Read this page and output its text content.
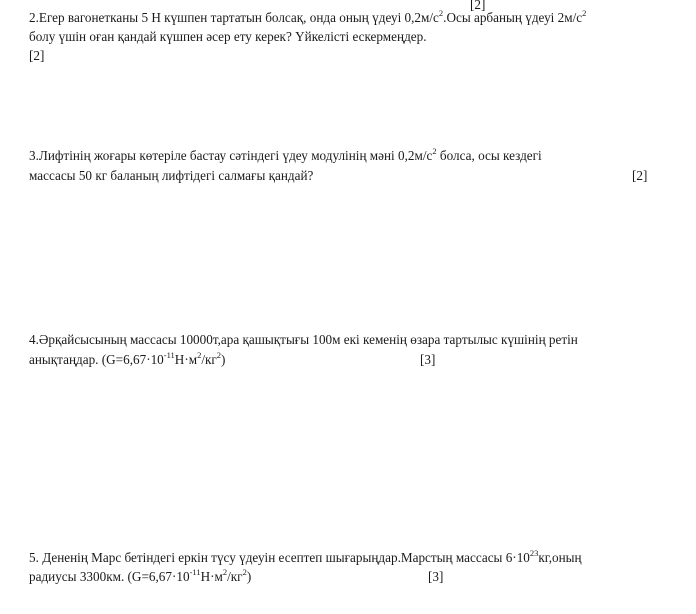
[2]
2.Егер вагонетканы 5 Н күшпен тартатын болсақ, онда оның үдеуі $0,2м/с^2.Осы$ арбаның үдеуі $2м/с^2$
болу үшін оған қандай күшпен әсер ету керек? Үйкелісті ескермеңдер.
[2]
3.Лифтінің жоғары көтеріле бастау сәтіндегі үдеу модулінің мәні $0,2м/с^2$ болса, осы кездегі
массасы 50 кг баланың лифтідегі салмағы қандай?	[2]
4.Әрқайсысының массасы 10000т,ара қашықтығы 100м екі кеменің өзара тартылыс күшінің ретін
анықтаңдар. $(G=6,67\cdot 10^{-11}Н\cdot м^2/кг^2)$	[3]
5. Дененің Марс бетіндегі еркін түсу үдеуін есептеп шығарыңдар.Марстың массасы $6\cdot 10^{23}кг,оның$
радиусы 3300км. $(G=6,67\cdot 10^{-11}Н\cdot м^2/кг^2)$	[3]
